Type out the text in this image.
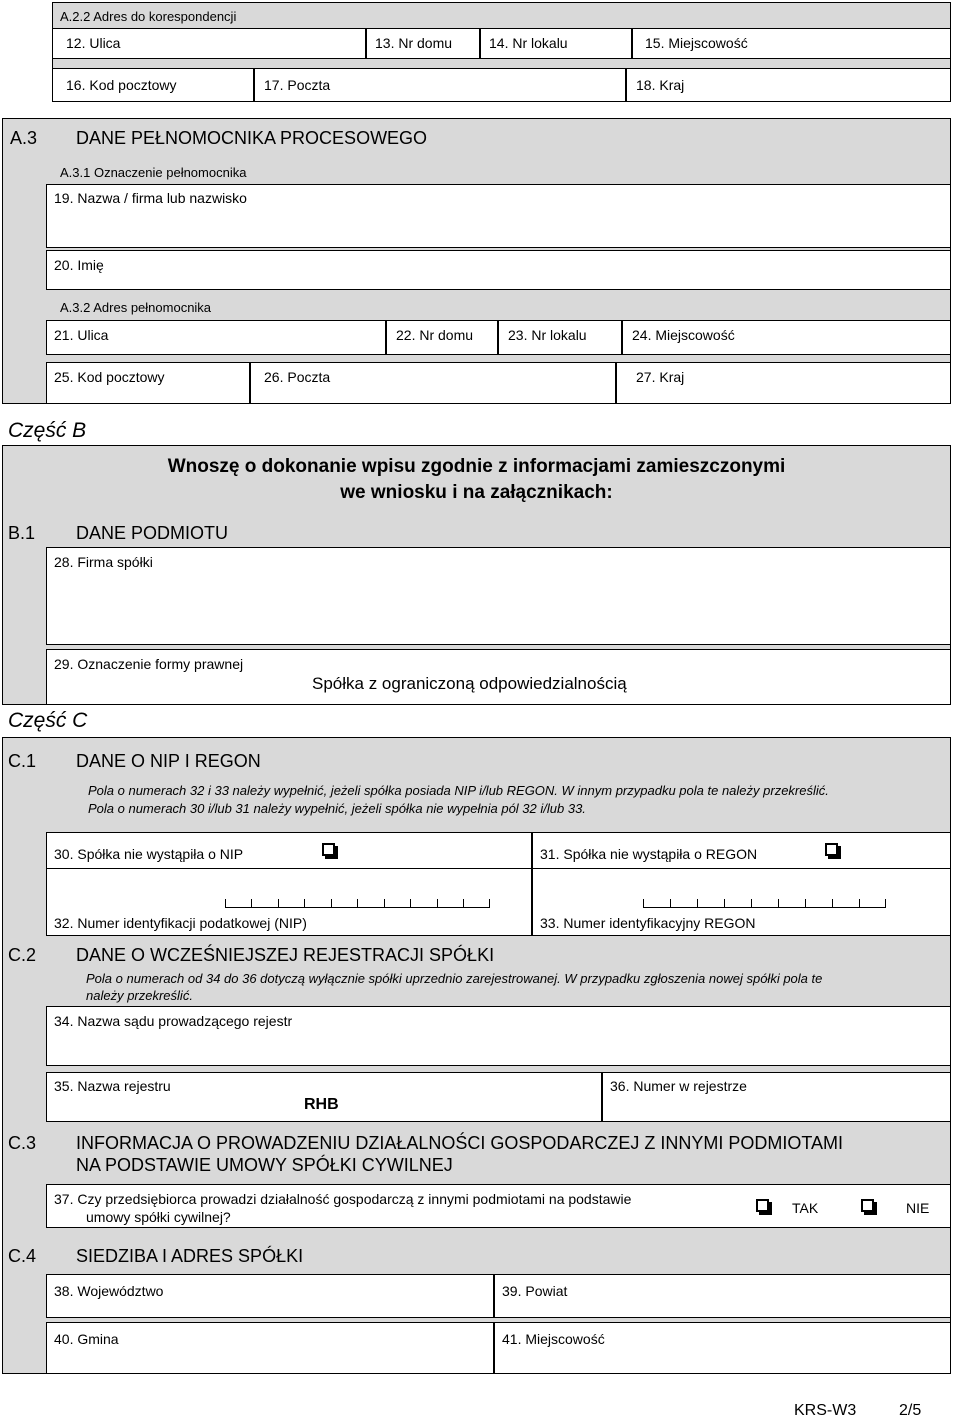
A.2.2 Adres do korespondencji
12. Ulica	13. Nr domu	14. Nr lokalu	15. Miejscowość
16. Kod pocztowy	17. Poczta	18. Kraj
A.3 DANE PEŁNOMOCNIKA PROCESOWEGO
A.3.1 Oznaczenie pełnomocnika
19. Nazwa / firma lub nazwisko
20. Imię
A.3.2 Adres pełnomocnika
21. Ulica	22. Nr domu 23. Nr lokalu	24. Miejscowość
25. Kod pocztowy	26. Poczta	27. Kraj
Część B
Wnoszę o dokonanie wpisu zgodnie z informacjami zamieszczonymi
we wniosku i na załącznikach:
B.1 DANE PODMIOTU
28. Firma spółki
29. Oznaczenie formy prawnej
Spółka z ograniczoną odpowiedzialnością
Część C
C.1 DANE O NIP I REGON
Pola o numerach 32 i 33 należy wypełnić, jeżeli spółka posiada NIP i/lub REGON. W innym przypadku pola te należy przekreślić.
Pola o numerach 30 i/lub 31 należy wypełnić, jeżeli spółka nie wypełnia pól 32 i/lub 33.
30. Spółka nie wystąpiła o NIP	31. Spółka nie wystąpiła o REGON
32. Numer identyfikacji podatkowej (NIP)	33. Numer identyfikacyjny REGON
C.2 DANE O WCZEŚNIEJSZEJ REJESTRACJI SPÓŁKI
Pola o numerach od 34 do 36 dotyczą wyłącznie spółki uprzednio zarejestrowanej. W przypadku zgłoszenia nowej spółki pola te
należy przekreślić.
34. Nazwa sądu prowadzącego rejestr
35. Nazwa rejestru
RHB
36. Numer w rejestrze
C.3 INFORMACJA O PROWADZENIU DZIAŁALNOŚCI GOSPODARCZEJ Z INNYMI PODMIOTAMI
NA PODSTAWIE UMOWY SPÓŁKI CYWILNEJ
37. Czy przedsiębiorca prowadzi działalność gospodarczą z innymi podmiotami na podstawie
umowy spółki cywilnej?
TAK	NIE
C.4 SIEDZIBA I ADRES SPÓŁKI
38. Województwo	39. Powiat
40. Gmina	41. Miejscowość
KRS-W3	2/5
